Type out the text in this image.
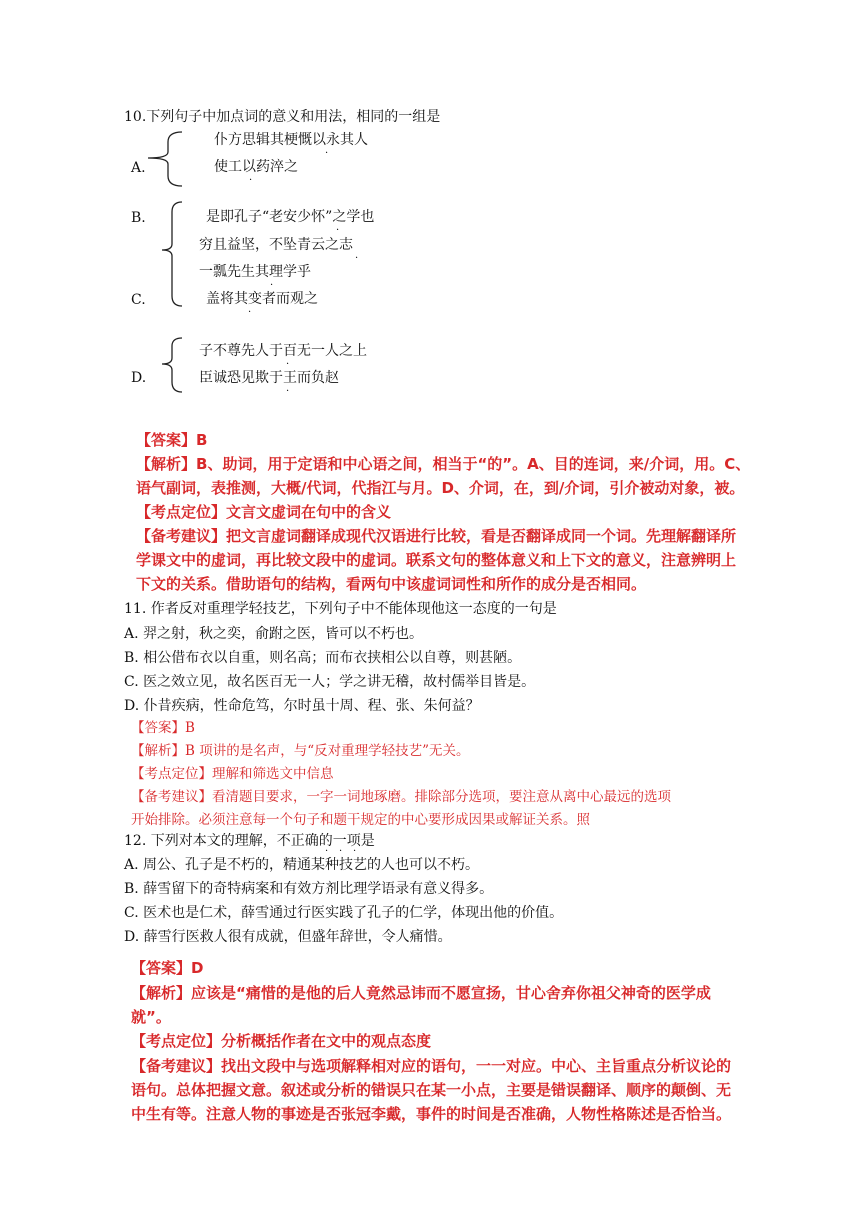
10.下列句子中加点词的意义和用法，相同的一组是
A.
仆方思辑其梗慨以永其人
使工以药淬之
B.	是即孔子“老安少怀”之学也
穷且益坚，不坠青云之志
一瓢先生其理学乎
C.	盖将其变者而观之
D.
子不尊先人于百无一人之上
臣诚恐见欺于王而负赵
·
·
·
·
·
·
·
·
【答案】B
【解析】B、助词，用于定语和中心语之间，相当于“的”。A、目的连词，来/介词，用。C、
语气副词，表推测，大概/代词，代指江与月。D、介词，在，到/介词，引介被动对象，被。
【考点定位】文言文虚词在句中的含义
【备考建议】把文言虚词翻译成现代汉语进行比较，看是否翻译成同一个词。先理解翻译所
学课文中的虚词，再比较文段中的虚词。联系文句的整体意义和上下文的意义，注意辨明上
下文的关系。借助语句的结构，看两句中该虚词词性和所作的成分是否相同。
11. 作者反对重理学轻技艺，下列句子中不能体现他这一态度的一句是
A. 羿之射，秋之奕，俞跗之医，皆可以不朽也。
B. 相公借布衣以自重，则名高；而布衣挟相公以自尊，则甚陋。
C. 医之效立见，故名医百无一人；学之讲无稽，故村儒举目皆是。
D. 仆昔疾病，性命危笃，尔时虽十周、程、张、朱何益？
【答案】B
【解析】B 项讲的是名声，与“反对重理学轻技艺”无关。
【考点定位】理解和筛选文中信息
【备考建议】看清题目要求，一字一词地琢磨。排除部分选项，要注意从离中心最远的选项
开始排除。必须注意每一个句子和题干规定的中心要形成因果或解证关系。照
12. 下列对本文的理解，不正确的一项是
· · ·
A. 周公、孔子是不朽的，精通某种技艺的人也可以不朽。
B. 薛雪留下的奇特病案和有效方剂比理学语录有意义得多。
C. 医术也是仁术，薛雪通过行医实践了孔子的仁学，体现出他的价值。
D. 薛雪行医救人很有成就，但盛年辞世，令人痛惜。
【答案】D
【解析】应该是“痛惜的是他的后人竟然忌讳而不愿宣扬，甘心舍弃你祖父神奇的医学成
就”。
【考点定位】分析概括作者在文中的观点态度
【备考建议】找出文段中与选项解释相对应的语句，一一对应。中心、主旨重点分析议论的
语句。总体把握文意。叙述或分析的错误只在某一小点，主要是错误翻译、顺序的颠倒、无
中生有等。注意人物的事迹是否张冠李戴，事件的时间是否准确，人物性格陈述是否恰当。
